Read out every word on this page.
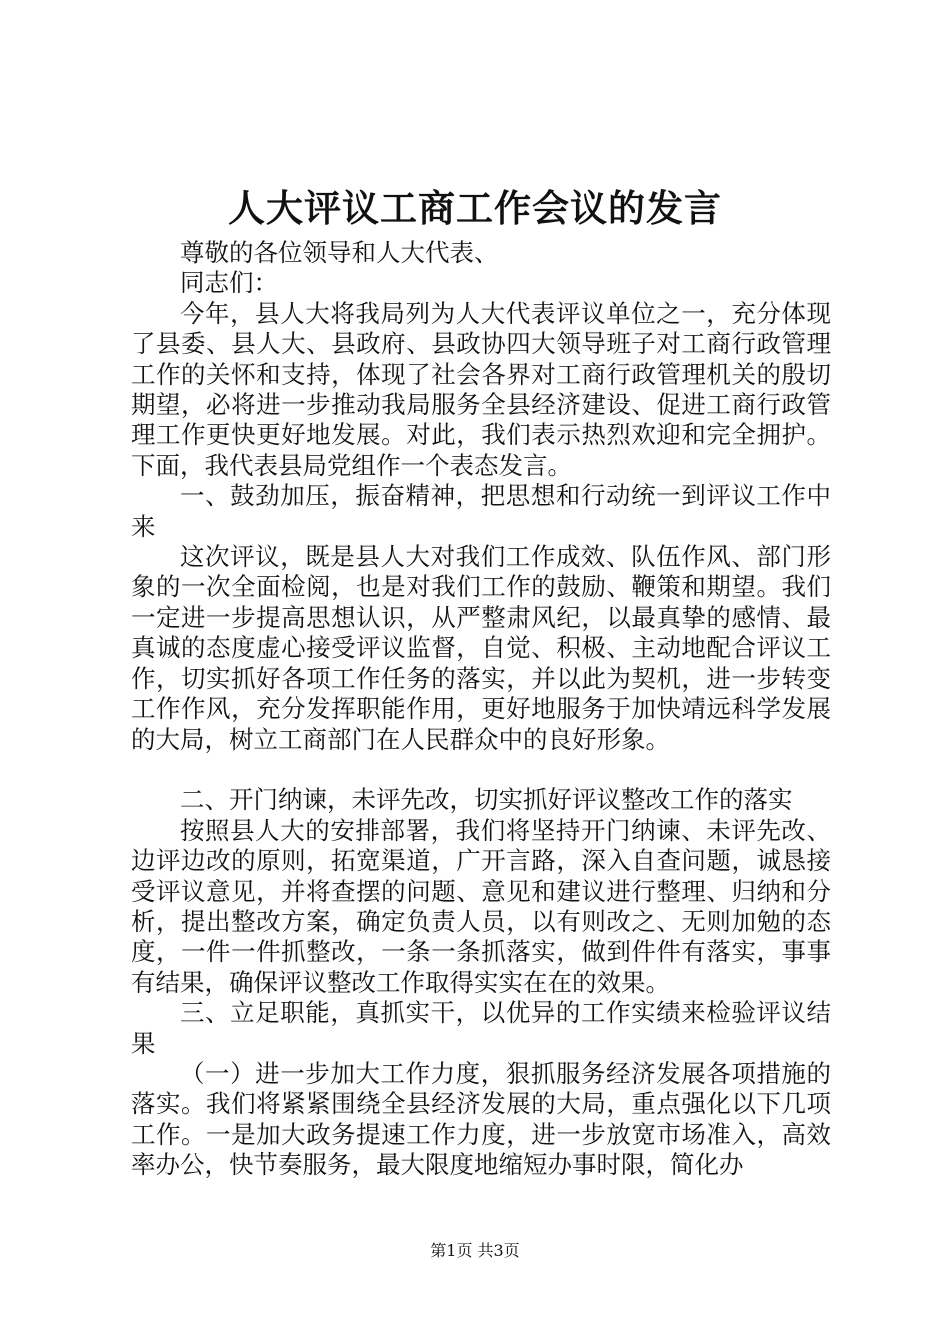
人大评议工商工作会议的发言

尊敬的各位领导和人大代表、

同志们：

今年，县人大将我局列为人大代表评议单位之一，充分体现了县委、县人大、县政府、县政协四大领导班子对工商行政管理工作的关怀和支持，体现了社会各界对工商行政管理机关的殷切期望，必将进一步推动我局服务全县经济建设、促进工商行政管理工作更快更好地发展。对此，我们表示热烈欢迎和完全拥护。下面，我代表县局党组作一个表态发言。

一、鼓劲加压，振奋精神，把思想和行动统一到评议工作中来

这次评议，既是县人大对我们工作成效、队伍作风、部门形象的一次全面检阅，也是对我们工作的鼓励、鞭策和期望。我们一定进一步提高思想认识，从严整肃风纪，以最真挚的感情、最真诚的态度虚心接受评议监督，自觉、积极、主动地配合评议工作，切实抓好各项工作任务的落实，并以此为契机，进一步转变工作作风，充分发挥职能作用，更好地服务于加快靖远科学发展的大局，树立工商部门在人民群众中的良好形象。

二、开门纳谏，未评先改，切实抓好评议整改工作的落实

按照县人大的安排部署，我们将坚持开门纳谏、未评先改、边评边改的原则，拓宽渠道，广开言路，深入自查问题，诚恳接受评议意见，并将查摆的问题、意见和建议进行整理、归纳和分析，提出整改方案，确定负责人员，以有则改之、无则加勉的态度，一件一件抓整改，一条一条抓落实，做到件件有落实，事事有结果，确保评议整改工作取得实实在在的效果。

三、立足职能，真抓实干，以优异的工作实绩来检验评议结果

（一）进一步加大工作力度，狠抓服务经济发展各项措施的落实。我们将紧紧围绕全县经济发展的大局，重点强化以下几项工作。一是加大政务提速工作力度，进一步放宽市场准入，高效率办公，快节奏服务，最大限度地缩短办事时限，简化办

第1页 共3页
